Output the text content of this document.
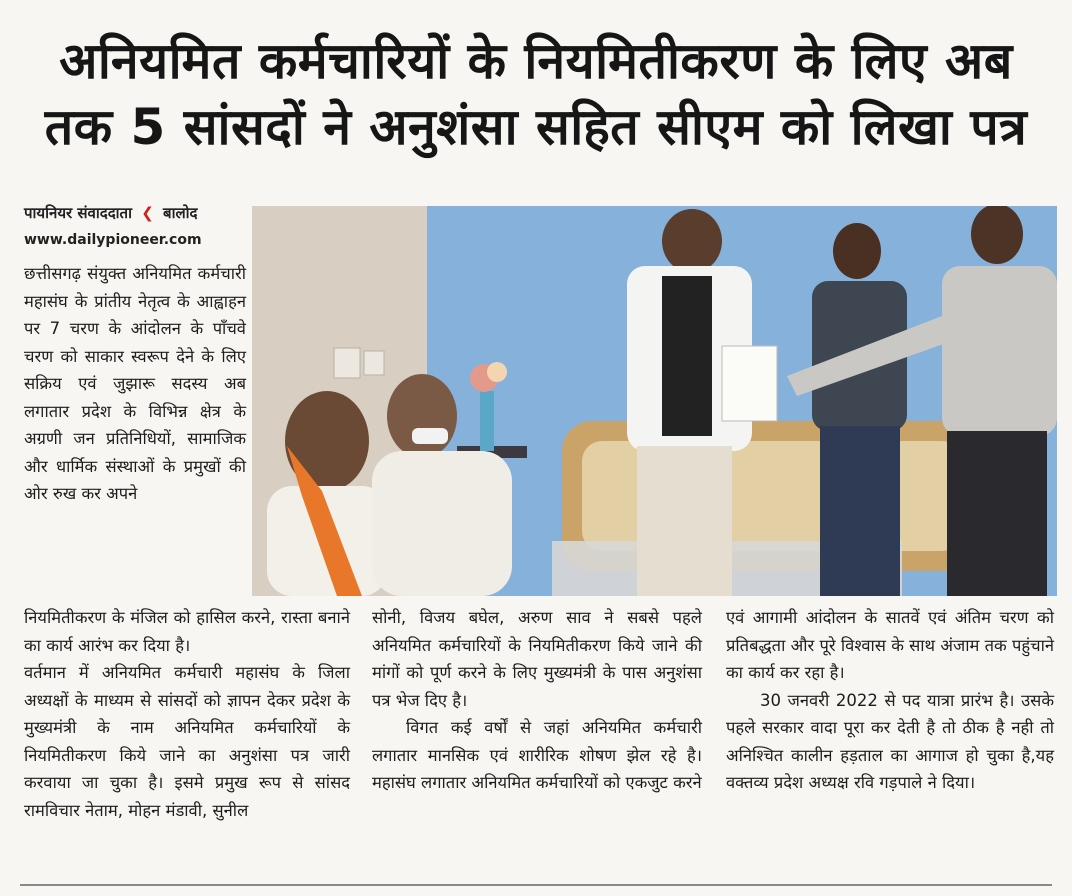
अनियमित कर्मचारियों के नियमितीकरण के लिए अब
तक 5 सांसदों ने अनुशंसा सहित सीएम को लिखा पत्र
पायनियर संवाददाता ❮ बालोद
www.dailypioneer.com

छत्तीसगढ़ संयुक्त अनियमित कर्मचारी महासंघ के प्रांतीय नेतृत्व के आह्वाहन पर 7 चरण के आंदोलन के पाँचवे चरण को साकार स्वरूप देने के लिए सक्रिय एवं जुझारू सदस्य अब लगातार प्रदेश के विभिन्न क्षेत्र के अग्रणी जन प्रतिनिधियों, सामाजिक और धार्मिक संस्थाओं के प्रमुखों की ओर रुख कर अपने

नियमितीकरण के मंजिल को हासिल करने, रास्ता बनाने का कार्य आरंभ कर दिया है।

वर्तमान में अनियमित कर्मचारी महासंघ के जिला अध्यक्षों के माध्यम से सांसदों को ज्ञापन देकर प्रदेश के मुख्यमंत्री के नाम अनियमित कर्मचारियों के नियमितीकरण किये जाने का अनुशंसा पत्र जारी करवाया जा चुका है। इसमे प्रमुख रूप से सांसद रामविचार नेताम, मोहन मंडावी, सुनील

सोनी, विजय बघेल, अरुण साव ने सबसे पहले अनियमित कर्मचारियों के नियमितीकरण किये जाने की मांगों को पूर्ण करने के लिए मुख्यमंत्री के पास अनुशंसा पत्र भेज दिए है।

विगत कई वर्षों से जहां अनियमित कर्मचारी लगातार मानसिक एवं शारीरिक शोषण झेल रहे है। महासंघ लगातार अनियमित कर्मचारियों को एकजुट करने

एवं आगामी आंदोलन के सातवें एवं अंतिम चरण को प्रतिबद्धता और पूरे विश्वास के साथ अंजाम तक पहुंचाने का कार्य कर रहा है।

30 जनवरी 2022 से पद यात्रा प्रारंभ है। उसके पहले सरकार वादा पूरा कर देती है तो ठीक है नही तो अनिश्चित कालीन हड़ताल का आगाज हो चुका है,यह वक्तव्य प्रदेश अध्यक्ष रवि गड़पाले ने दिया।
